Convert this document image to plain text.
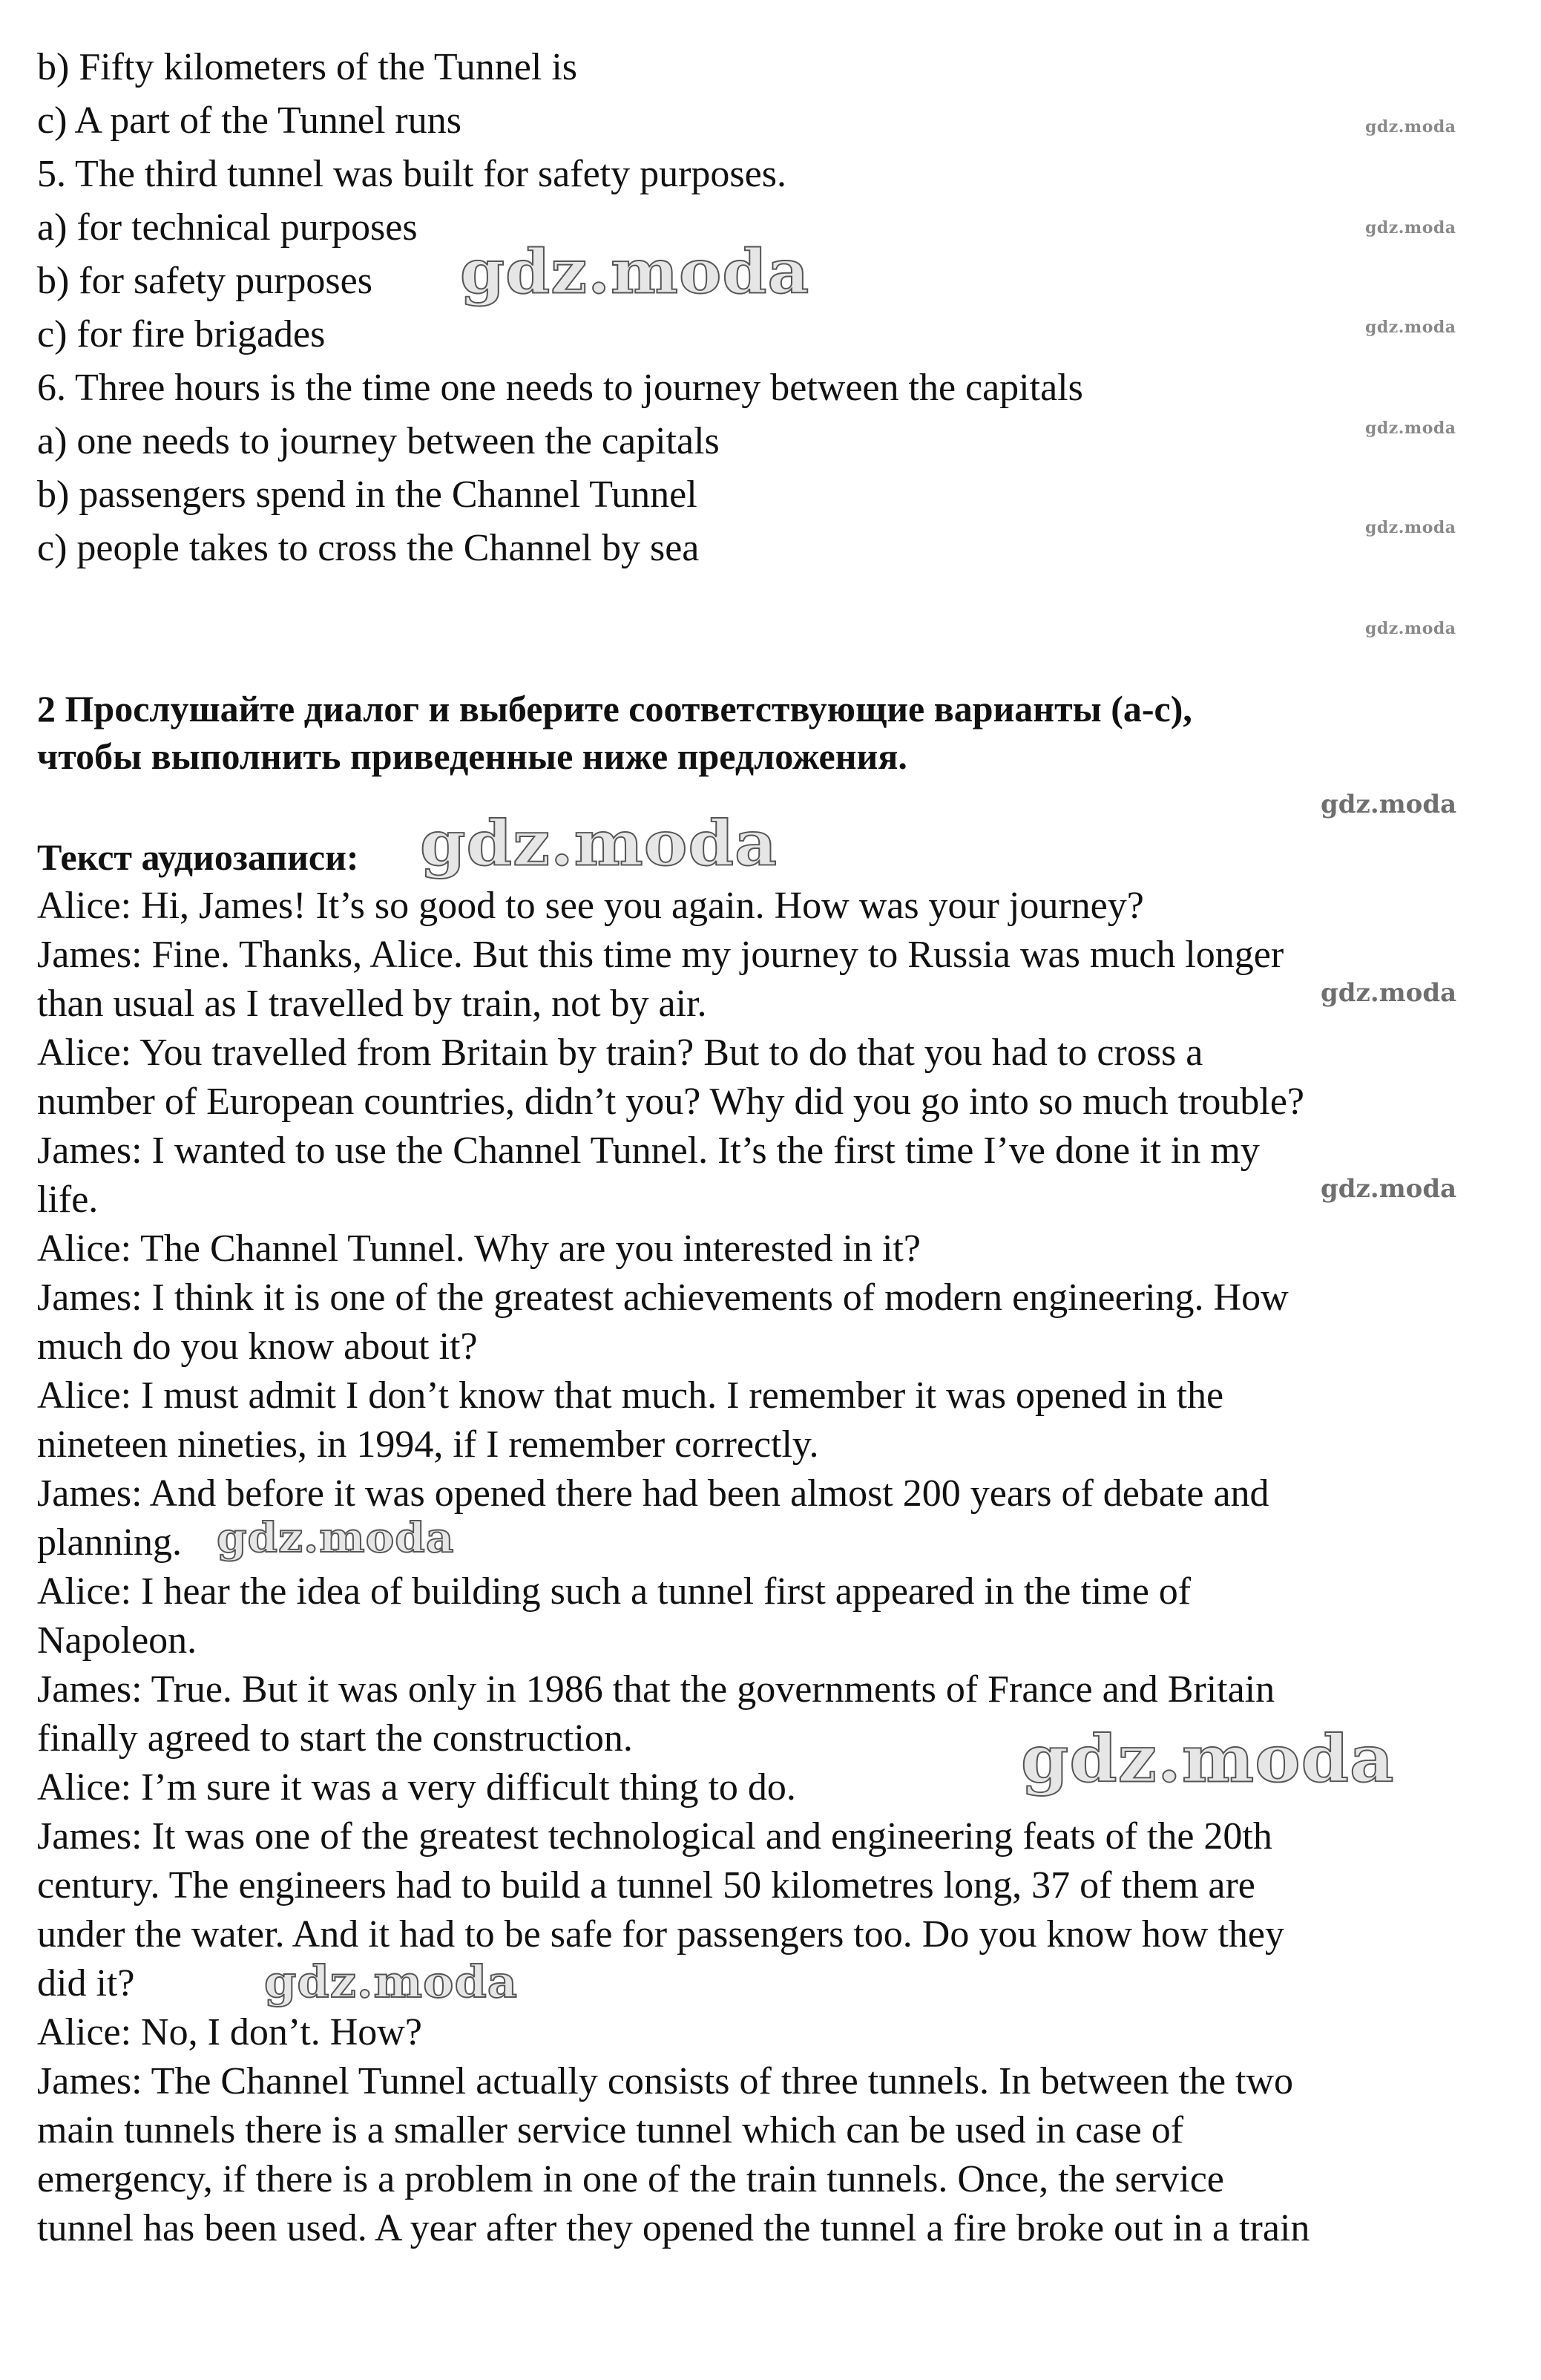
b) Fifty kilometers of the Tunnel is
c) A part of the Tunnel runs
5. The third tunnel was built for safety purposes.
a) for technical purposes
b) for safety purposes
c) for fire brigades
6. Three hours is the time one needs to journey between the capitals
a) one needs to journey between the capitals
b) passengers spend in the Channel Tunnel
c) people takes to cross the Channel by sea
2 Прослушайте диалог и выберите соответствующие варианты (a-c),
чтобы выполнить приведенные ниже предложения.
Текст аудиозаписи:
Alice: Hi, James! It’s so good to see you again. How was your journey?
James: Fine. Thanks, Alice. But this time my journey to Russia was much longer
than usual as I travelled by train, not by air.
Alice: You travelled from Britain by train? But to do that you had to cross a
number of European countries, didn’t you? Why did you go into so much trouble?
James: I wanted to use the Channel Tunnel. It’s the first time I’ve done it in my
life.
Alice: The Channel Tunnel. Why are you interested in it?
James: I think it is one of the greatest achievements of modern engineering. How
much do you know about it?
Alice: I must admit I don’t know that much. I remember it was opened in the
nineteen nineties, in 1994, if I remember correctly.
James: And before it was opened there had been almost 200 years of debate and
planning.
Alice: I hear the idea of building such a tunnel first appeared in the time of
Napoleon.
James: True. But it was only in 1986 that the governments of France and Britain
finally agreed to start the construction.
Alice: I’m sure it was a very difficult thing to do.
James: It was one of the greatest technological and engineering feats of the 20th
century. The engineers had to build a tunnel 50 kilometres long, 37 of them are
under the water. And it had to be safe for passengers too. Do you know how they
did it?
Alice: No, I don’t. How?
James: The Channel Tunnel actually consists of three tunnels. In between the two
main tunnels there is a smaller service tunnel which can be used in case of
emergency, if there is a problem in one of the train tunnels. Once, the service
tunnel has been used. A year after they opened the tunnel a fire broke out in a train
gdz.moda
gdz.moda
gdz.moda
gdz.moda
gdz.moda
gdz.moda
gdz.moda
gdz.moda
gdz.moda
gdz.moda
gdz.moda
gdz.moda
gdz.moda
gdz.moda
